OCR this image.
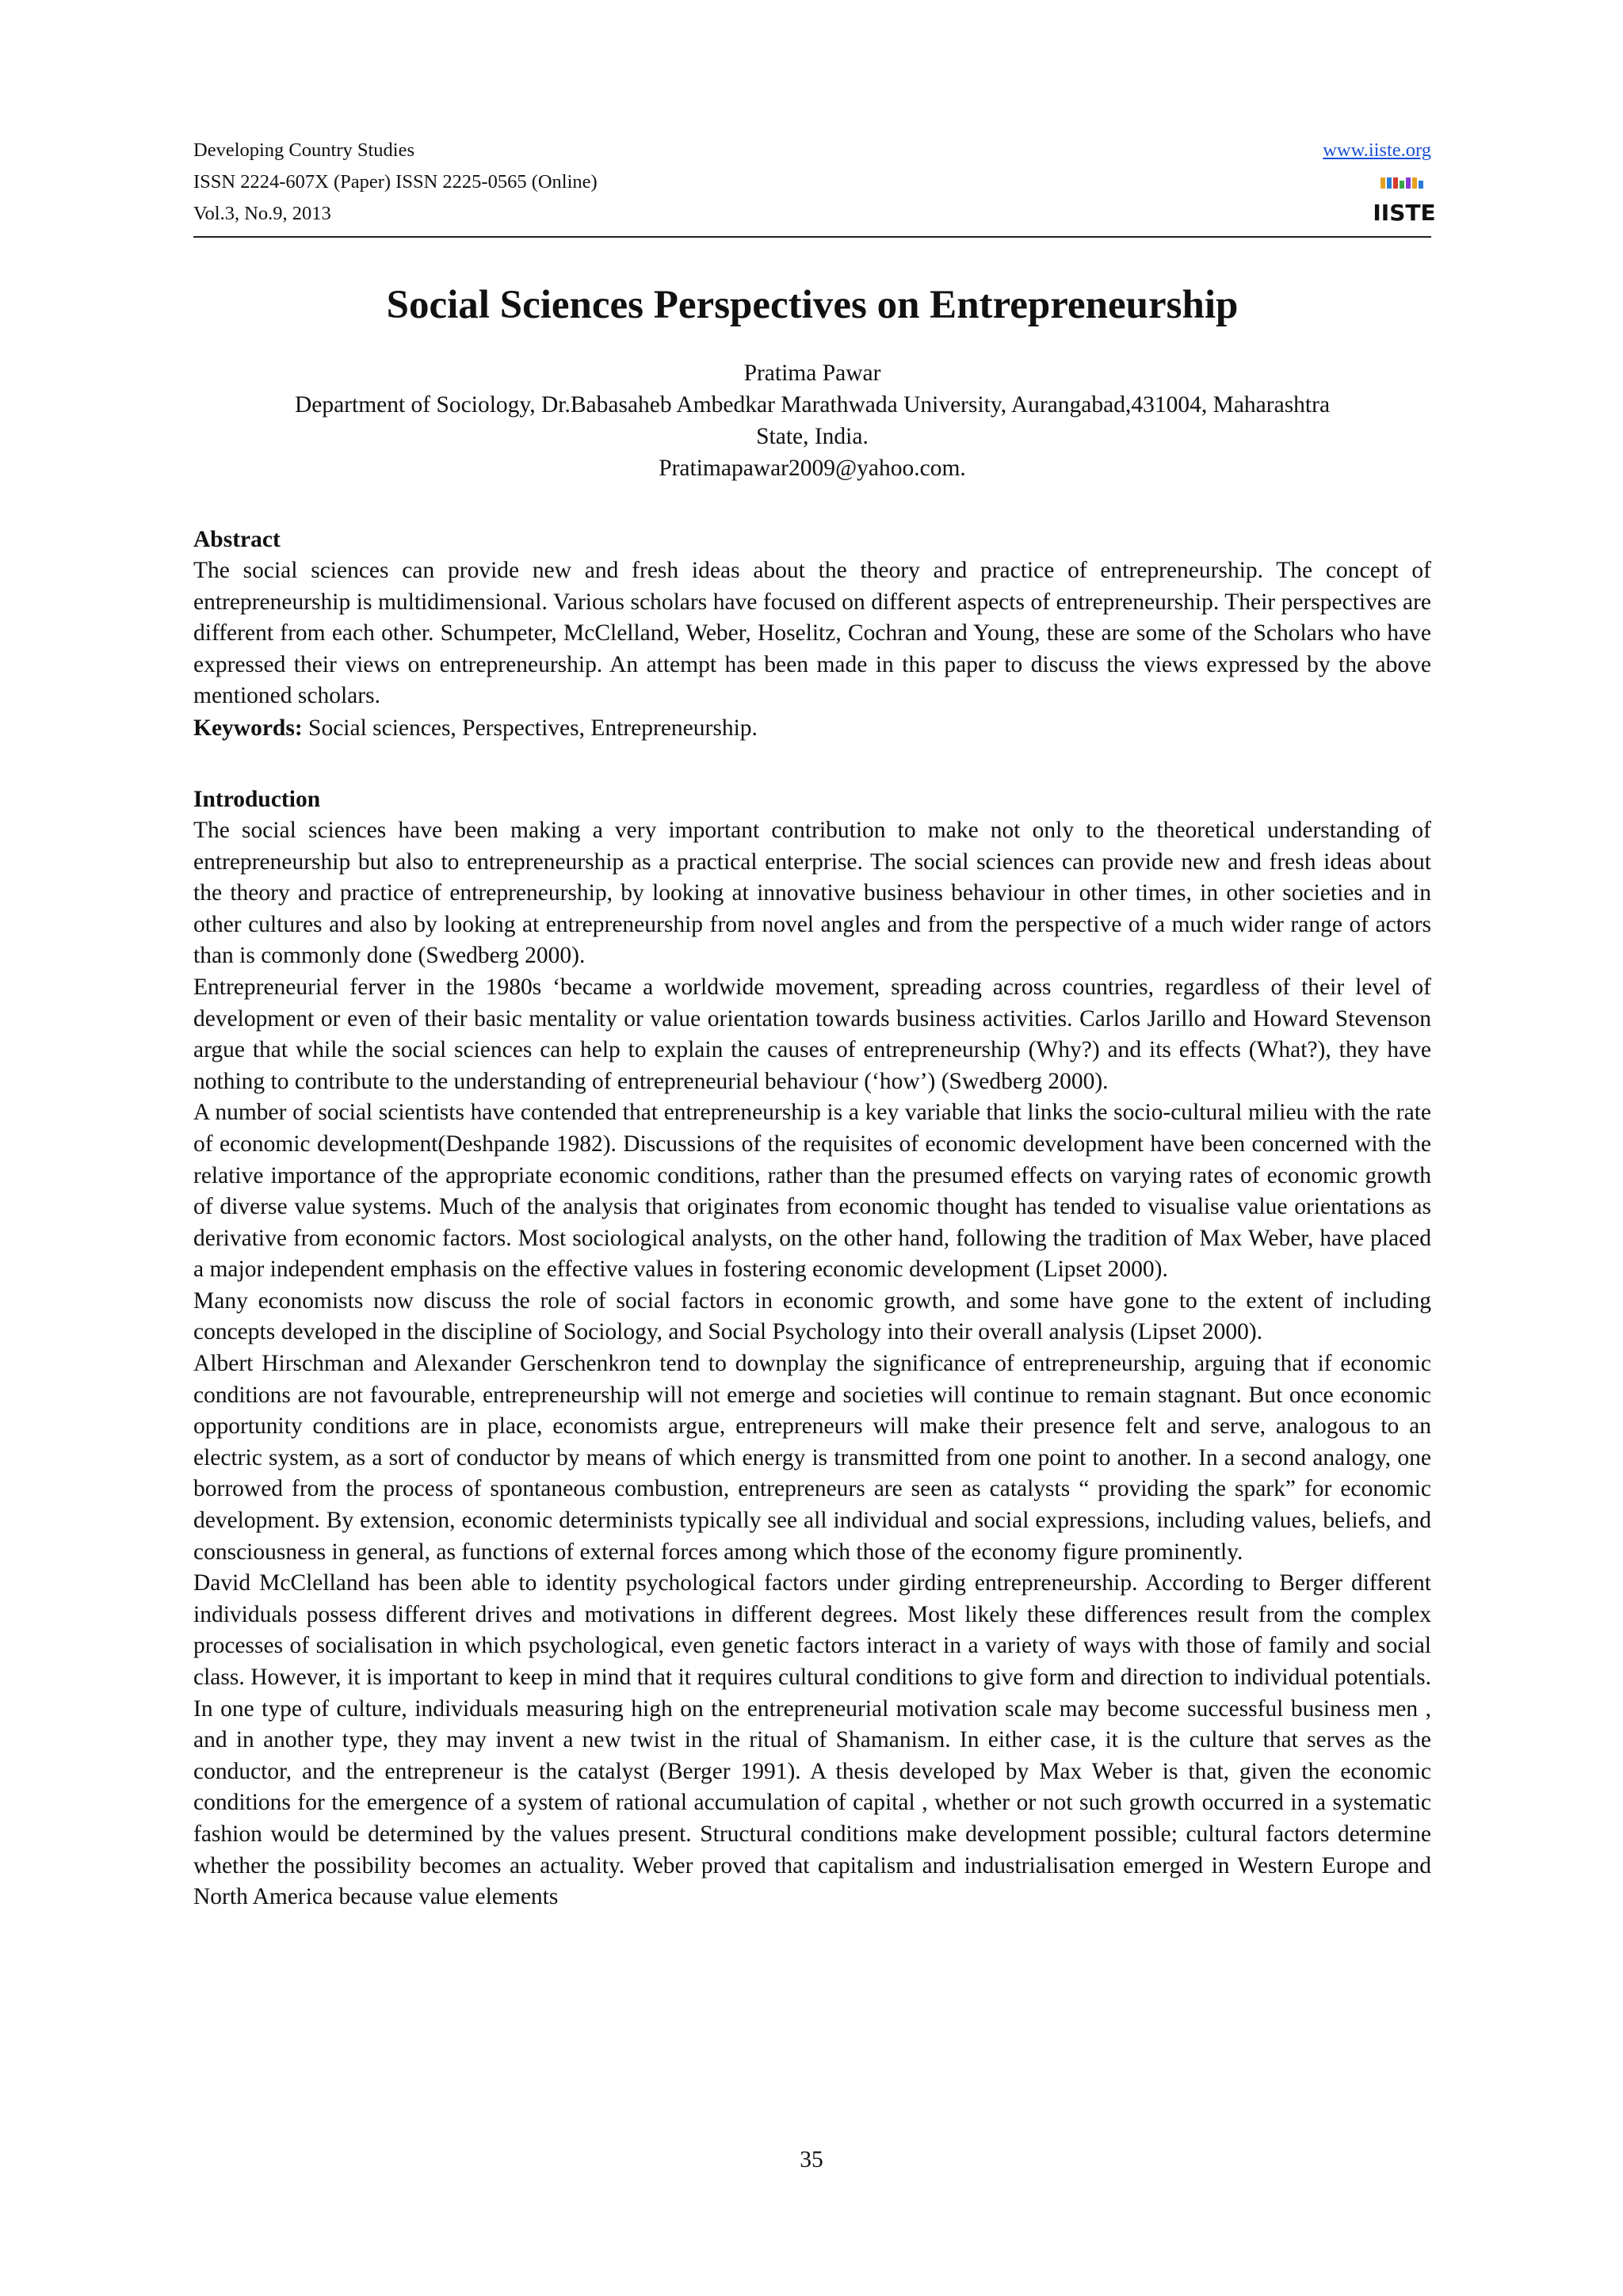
Developing Country Studies
ISSN 2224-607X (Paper) ISSN 2225-0565 (Online)
Vol.3, No.9, 2013
www.iiste.org
IISTE
Social Sciences Perspectives on Entrepreneurship
Pratima Pawar
Department of Sociology, Dr.Babasaheb Ambedkar Marathwada University, Aurangabad,431004, Maharashtra
State, India.
Pratimapawar2009@yahoo.com.
Abstract

The social sciences can provide new and fresh ideas about the theory and practice of entrepreneurship. The concept of entrepreneurship is multidimensional. Various scholars have focused on different aspects of entrepreneurship. Their perspectives are different from each other. Schumpeter, McClelland, Weber, Hoselitz, Cochran and Young, these are some of the Scholars who have expressed their views on entrepreneurship. An attempt has been made in this paper to discuss the views expressed by the above mentioned scholars.

Keywords: Social sciences, Perspectives, Entrepreneurship.
Introduction

The social sciences have been making a very important contribution to make not only to the theoretical understanding of entrepreneurship but also to entrepreneurship as a practical enterprise. The social sciences can provide new and fresh ideas about the theory and practice of entrepreneurship, by looking at innovative business behaviour in other times, in other societies and in other cultures and also by looking at entrepreneurship from novel angles and from the perspective of a much wider range of actors than is commonly done (Swedberg 2000).

Entrepreneurial ferver in the 1980s ‘became a worldwide movement, spreading across countries, regardless of their level of development or even of their basic mentality or value orientation towards business activities. Carlos Jarillo and Howard Stevenson argue that while the social sciences can help to explain the causes of entrepreneurship (Why?) and its effects (What?), they have nothing to contribute to the understanding of entrepreneurial behaviour (‘how’) (Swedberg 2000).

A number of social scientists have contended that entrepreneurship is a key variable that links the socio-cultural milieu with the rate of economic development(Deshpande 1982). Discussions of the requisites of economic development have been concerned with the relative importance of the appropriate economic conditions, rather than the presumed effects on varying rates of economic growth of diverse value systems. Much of the analysis that originates from economic thought has tended to visualise value orientations as derivative from economic factors. Most sociological analysts, on the other hand, following the tradition of Max Weber, have placed a major independent emphasis on the effective values in fostering economic development (Lipset 2000).

Many economists now discuss the role of social factors in economic growth, and some have gone to the extent of including concepts developed in the discipline of Sociology, and Social Psychology into their overall analysis (Lipset 2000).

Albert Hirschman and Alexander Gerschenkron tend to downplay the significance of entrepreneurship, arguing that if economic conditions are not favourable, entrepreneurship will not emerge and societies will continue to remain stagnant. But once economic opportunity conditions are in place, economists argue, entrepreneurs will make their presence felt and serve, analogous to an electric system, as a sort of conductor by means of which energy is transmitted from one point to another. In a second analogy, one borrowed from the process of spontaneous combustion, entrepreneurs are seen as catalysts “ providing the spark” for economic development. By extension, economic determinists typically see all individual and social expressions, including values, beliefs, and consciousness in general, as functions of external forces among which those of the economy figure prominently.

David McClelland has been able to identity psychological factors under girding entrepreneurship. According to Berger different individuals possess different drives and motivations in different degrees. Most likely these differences result from the complex processes of socialisation in which psychological, even genetic factors interact in a variety of ways with those of family and social class. However, it is important to keep in mind that it requires cultural conditions to give form and direction to individual potentials. In one type of culture, individuals measuring high on the entrepreneurial motivation scale may become successful business men , and in another type, they may invent a new twist in the ritual of Shamanism. In either case, it is the culture that serves as the conductor, and the entrepreneur is the catalyst (Berger 1991). A thesis developed by Max Weber is that, given the economic conditions for the emergence of a system of rational accumulation of capital , whether or not such growth occurred in a systematic fashion would be determined by the values present. Structural conditions make development possible; cultural factors determine whether the possibility becomes an actuality. Weber proved that capitalism and industrialisation emerged in Western Europe and North America because value elements

35
